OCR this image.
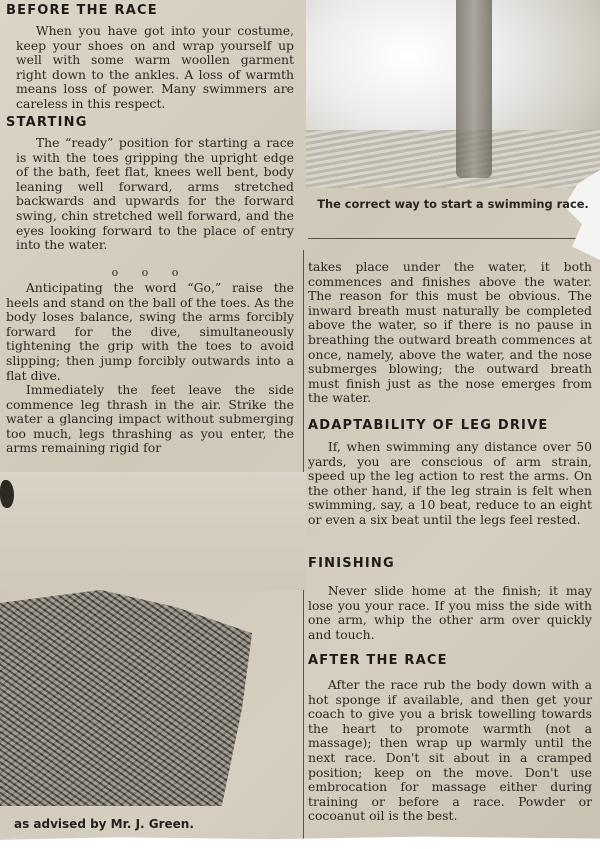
BEFORE THE RACE

When you have got into your costume, keep your shoes on and wrap yourself up well with some warm woollen garment right down to the ankles. A loss of warmth means loss of power. Many swimmers are careless in this respect.

STARTING

The “ready” position for starting a race is with the toes gripping the upright edge of the bath, feet flat, knees well bent, body leaning well forward, arms stretched backwards and upwards for the forward swing, chin stretched well forward, and the eyes looking forward to the place of entry into the water.

o o o

Anticipating the word “Go,” raise the heels and stand on the ball of the toes. As the body loses balance, swing the arms forcibly forward for the dive, simultaneously tightening the grip with the toes to avoid slipping; then jump forcibly outwards into a flat dive.

Immediately the feet leave the side commence leg thrash in the air. Strike the water a glancing impact without submerging too much, legs thrashing as you enter, the arms remaining rigid for

The correct way to start a swimming race.

takes place under the water, it both commences and finishes above the water. The reason for this must be obvious. The inward breath must naturally be completed above the water, so if there is no pause in breathing the outward breath commences at once, namely, above the water, and the nose submerges blowing; the outward breath must finish just as the nose emerges from the water.

ADAPTABILITY OF LEG DRIVE

If, when swimming any distance over 50 yards, you are conscious of arm strain, speed up the leg action to rest the arms. On the other hand, if the leg strain is felt when swimming, say, a 10 beat, reduce to an eight or even a six beat until the legs feel rested.

FINISHING

Never slide home at the finish; it may lose you your race. If you miss the side with one arm, whip the other arm over quickly and touch.

AFTER THE RACE

After the race rub the body down with a hot sponge if available, and then get your coach to give you a brisk towelling towards the heart to promote warmth (not a massage); then wrap up warmly until the next race. Don't sit about in a cramped position; keep on the move. Don't use embrocation for massage either during training or before a race. Powder or cocoanut oil is the best.

as advised by Mr. J. Green.
